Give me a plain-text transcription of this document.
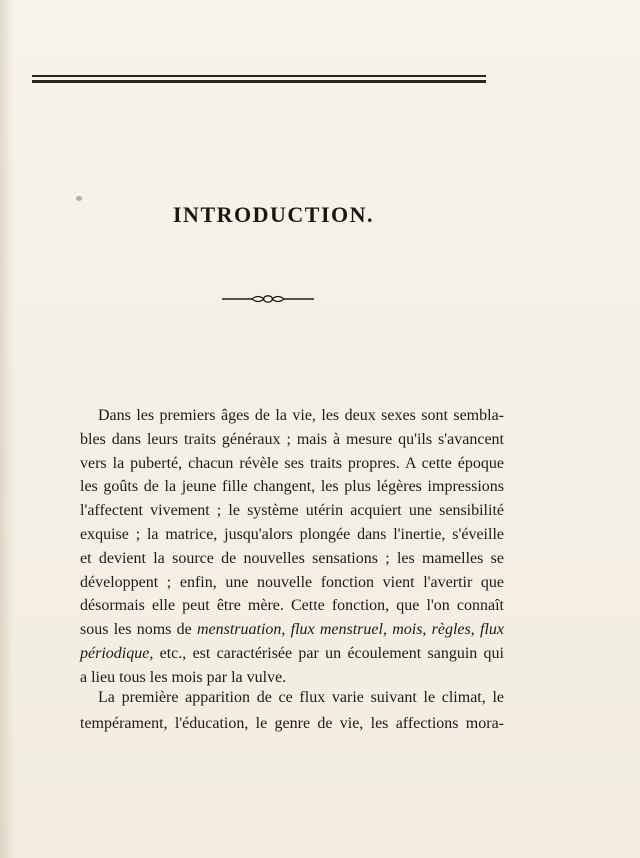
INTRODUCTION.
Dans les premiers âges de la vie, les deux sexes sont sembla-
bles dans leurs traits généraux ; mais à mesure qu'ils s'avancent
vers la puberté, chacun révèle ses traits propres. A cette époque
les goûts de la jeune fille changent, les plus légères impressions
l'affectent vivement ; le système utérin acquiert une sensibilité
exquise ; la matrice, jusqu'alors plongée dans l'inertie, s'éveille
et devient la source de nouvelles sensations ; les mamelles se
développent ; enfin, une nouvelle fonction vient l'avertir que
désormais elle peut être mère. Cette fonction, que l'on connaît
sous les noms de menstruation, flux menstruel, mois, règles, flux
périodique, etc., est caractérisée par un écoulement sanguin qui
a lieu tous les mois par la vulve.
La première apparition de ce flux varie suivant le climat, le
tempérament, l'éducation, le genre de vie, les affections mora-
